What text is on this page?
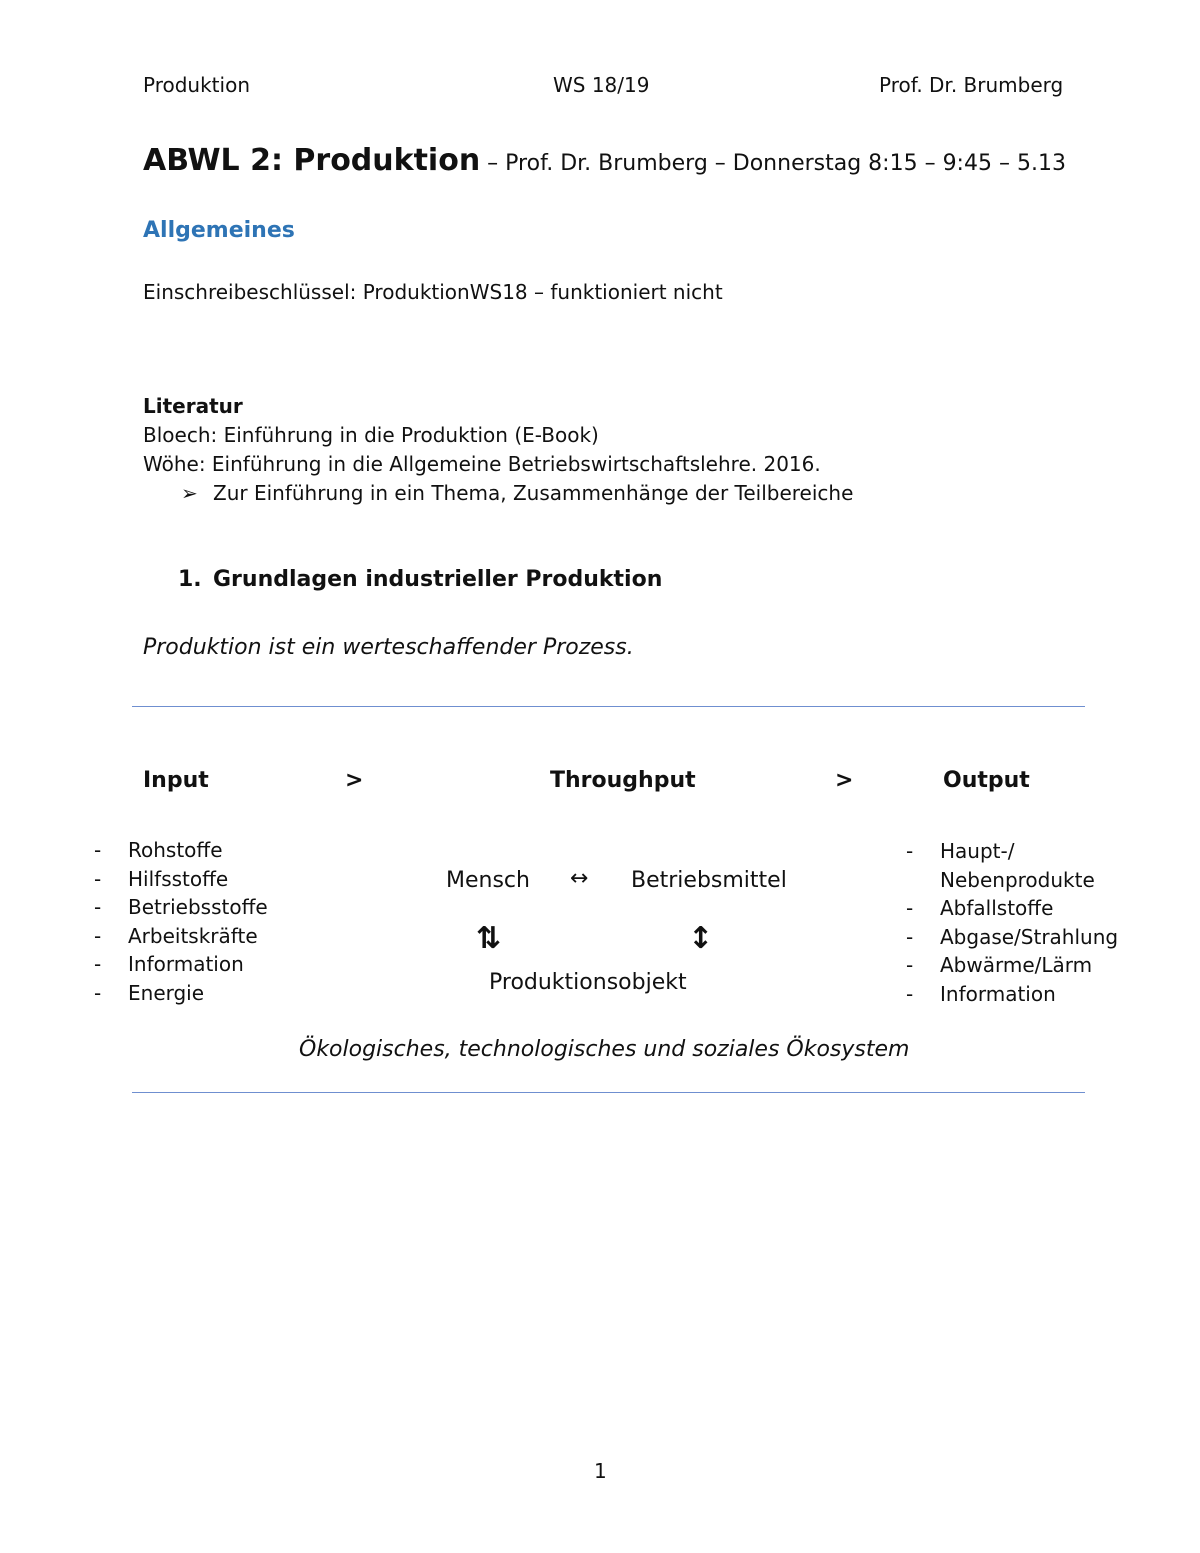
Produktion	WS 18/19	Prof. Dr. Brumberg
ABWL 2: Produktion – Prof. Dr. Brumberg – Donnerstag 8:15 – 9:45 – 5.13
Allgemeines
Einschreibeschlüssel: ProduktionWS18 – funktioniert nicht
Literatur
Bloech: Einführung in die Produktion (E-Book)
Wöhe: Einführung in die Allgemeine Betriebswirtschaftslehre. 2016.
➢ Zur Einführung in ein Thema, Zusammenhänge der Teilbereiche
1. Grundlagen industrieller Produktion
Produktion ist ein werteschaffender Prozess.
Input	>	Throughput	>	Output
- Rohstoffe
- Hilfsstoffe
- Betriebsstoffe
- Arbeitskräfte
- Information
- Energie
Mensch ↔ Betriebsmittel
⇅	↕
Produktionsobjekt
- Haupt-/
Nebenprodukte
- Abfallstoffe
- Abgase/Strahlung
- Abwärme/Lärm
- Information
Ökologisches, technologisches und soziales Ökosystem
1
